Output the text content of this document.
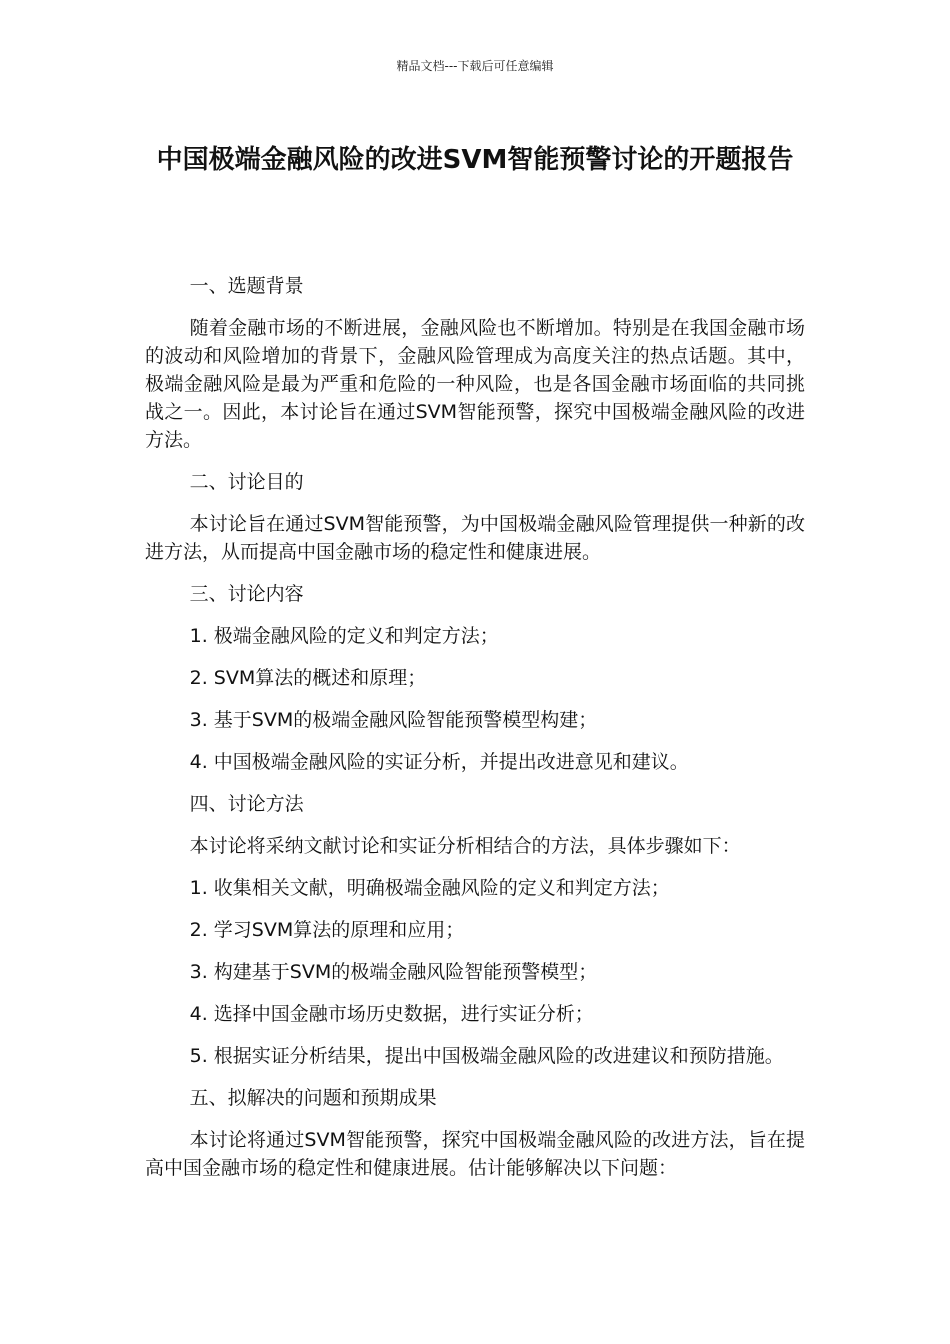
精品文档---下载后可任意编辑
中国极端金融风险的改进SVM智能预警讨论的开题报告

一、选题背景

随着金融市场的不断进展，金融风险也不断增加。特别是在我国金融市场的波动和风险增加的背景下，金融风险管理成为高度关注的热点话题。其中，极端金融风险是最为严重和危险的一种风险，也是各国金融市场面临的共同挑战之一。因此，本讨论旨在通过SVM智能预警，探究中国极端金融风险的改进方法。

二、讨论目的

本讨论旨在通过SVM智能预警，为中国极端金融风险管理提供一种新的改进方法，从而提高中国金融市场的稳定性和健康进展。

三、讨论内容

1. 极端金融风险的定义和判定方法；

2. SVM算法的概述和原理；

3. 基于SVM的极端金融风险智能预警模型构建；

4. 中国极端金融风险的实证分析，并提出改进意见和建议。

四、讨论方法

本讨论将采纳文献讨论和实证分析相结合的方法，具体步骤如下：

1. 收集相关文献，明确极端金融风险的定义和判定方法；

2. 学习SVM算法的原理和应用；

3. 构建基于SVM的极端金融风险智能预警模型；

4. 选择中国金融市场历史数据，进行实证分析；

5. 根据实证分析结果，提出中国极端金融风险的改进建议和预防措施。

五、拟解决的问题和预期成果

本讨论将通过SVM智能预警，探究中国极端金融风险的改进方法，旨在提高中国金融市场的稳定性和健康进展。估计能够解决以下问题：
